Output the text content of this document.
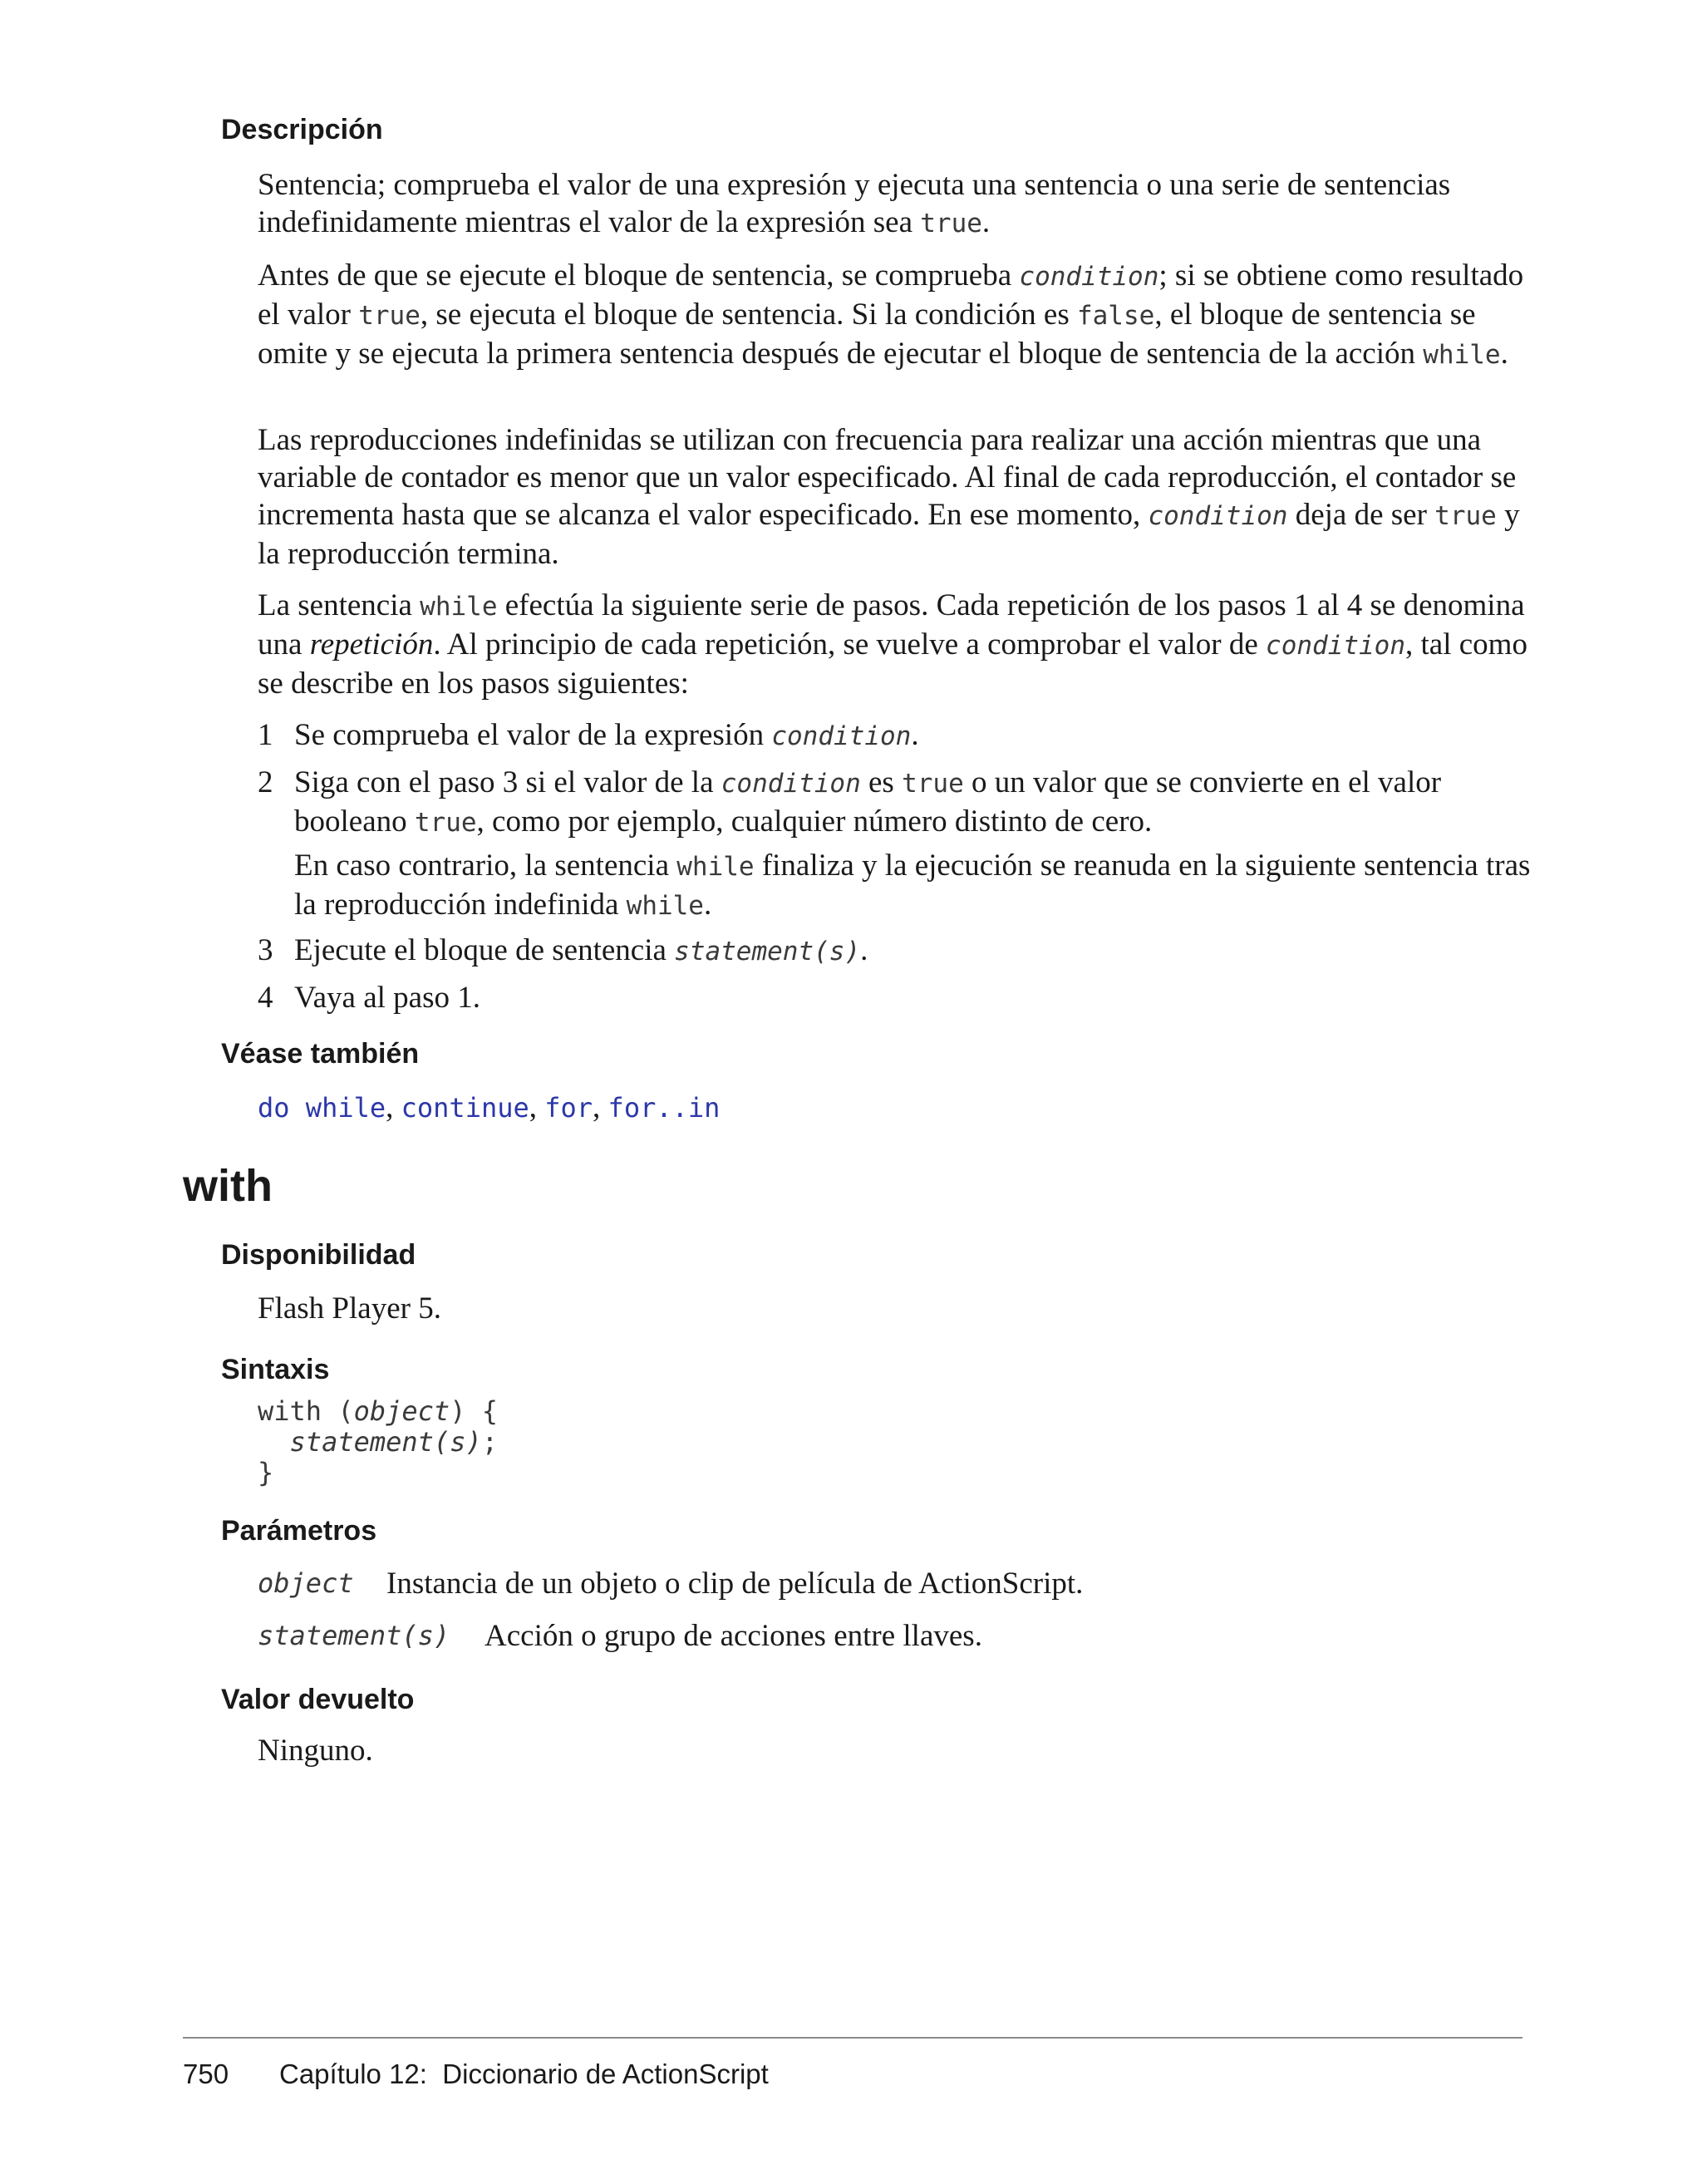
Descripción
Sentencia; comprueba el valor de una expresión y ejecuta una sentencia o una serie de sentencias indefinidamente mientras el valor de la expresión sea true.
Antes de que se ejecute el bloque de sentencia, se comprueba condition; si se obtiene como resultado el valor true, se ejecuta el bloque de sentencia. Si la condición es false, el bloque de sentencia se omite y se ejecuta la primera sentencia después de ejecutar el bloque de sentencia de la acción while.
Las reproducciones indefinidas se utilizan con frecuencia para realizar una acción mientras que una variable de contador es menor que un valor especificado. Al final de cada reproducción, el contador se incrementa hasta que se alcanza el valor especificado. En ese momento, condition deja de ser true y la reproducción termina.
La sentencia while efectúa la siguiente serie de pasos. Cada repetición de los pasos 1 al 4 se denomina una repetición. Al principio de cada repetición, se vuelve a comprobar el valor de condition, tal como se describe en los pasos siguientes:
1 Se comprueba el valor de la expresión condition.
2 Siga con el paso 3 si el valor de la condition es true o un valor que se convierte en el valor booleano true, como por ejemplo, cualquier número distinto de cero.
En caso contrario, la sentencia while finaliza y la ejecución se reanuda en la siguiente sentencia tras la reproducción indefinida while.
3 Ejecute el bloque de sentencia statement(s).
4 Vaya al paso 1.
Véase también
do while, continue, for, for..in
with
Disponibilidad
Flash Player 5.
Sintaxis
with (object) {
statement(s);
}
Parámetros
object Instancia de un objeto o clip de película de ActionScript.
statement(s) Acción o grupo de acciones entre llaves.
Valor devuelto
Ninguno.
750 Capítulo 12:  Diccionario de ActionScript
